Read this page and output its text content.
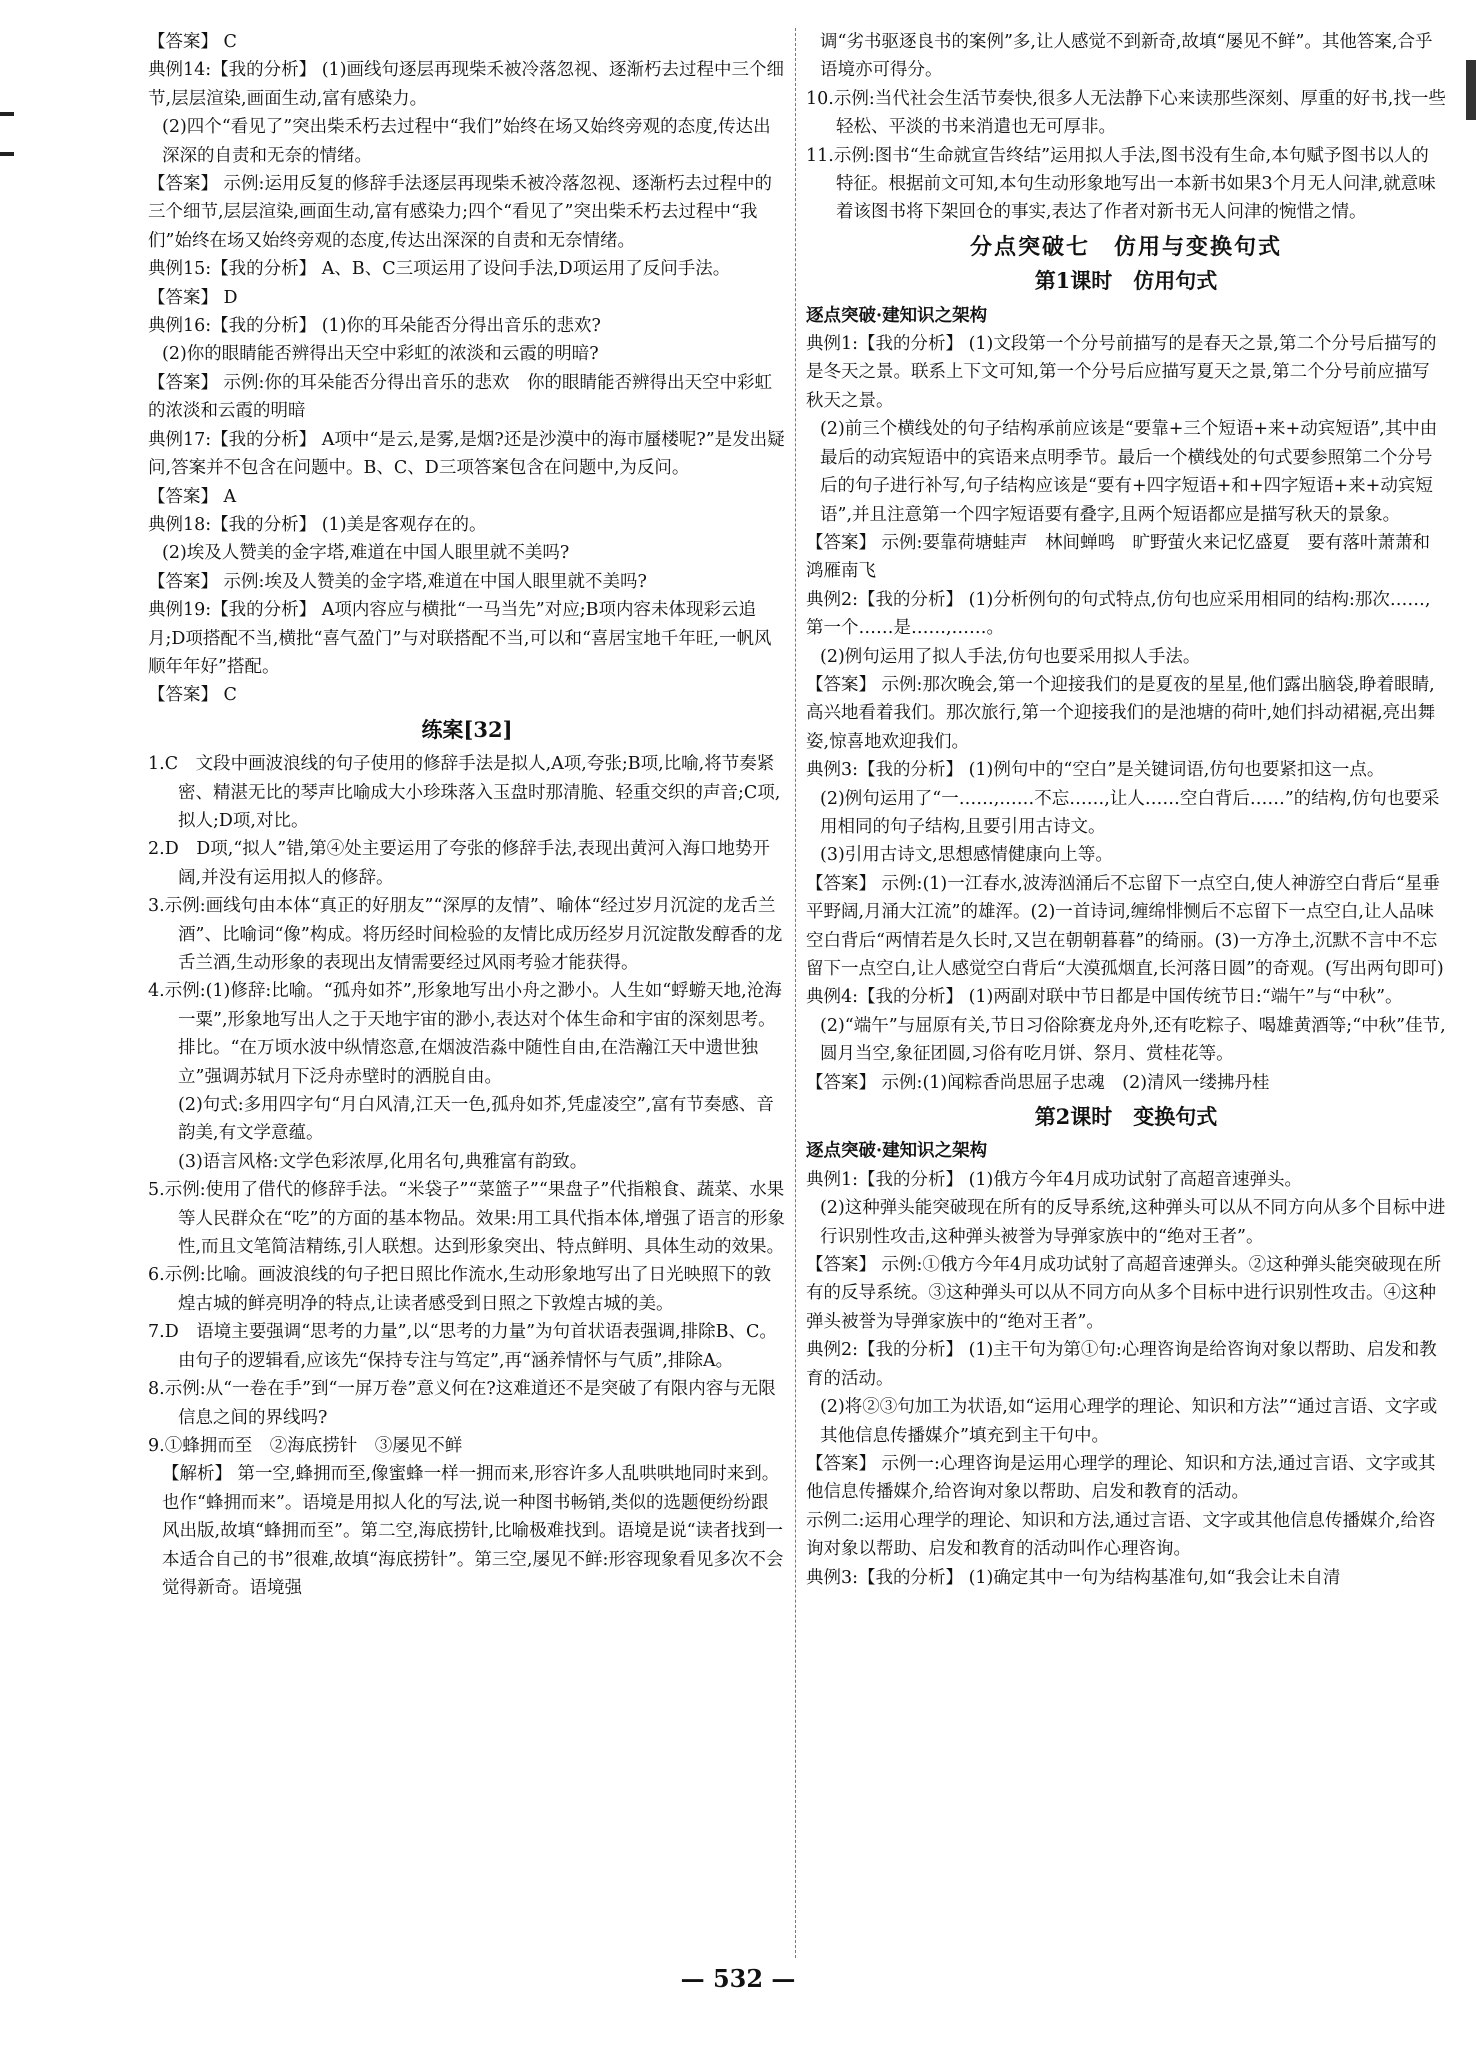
【答案】 C

典例14:【我的分析】 (1)画线句逐层再现柴禾被冷落忽视、逐渐朽去过程中三个细节,层层渲染,画面生动,富有感染力。

(2)四个“看见了”突出柴禾朽去过程中“我们”始终在场又始终旁观的态度,传达出深深的自责和无奈的情绪。

【答案】 示例:运用反复的修辞手法逐层再现柴禾被冷落忽视、逐渐朽去过程中的三个细节,层层渲染,画面生动,富有感染力;四个“看见了”突出柴禾朽去过程中“我们”始终在场又始终旁观的态度,传达出深深的自责和无奈情绪。

典例15:【我的分析】 A、B、C三项运用了设问手法,D项运用了反问手法。

【答案】 D

典例16:【我的分析】 (1)你的耳朵能否分得出音乐的悲欢?

(2)你的眼睛能否辨得出天空中彩虹的浓淡和云霞的明暗?

【答案】 示例:你的耳朵能否分得出音乐的悲欢　你的眼睛能否辨得出天空中彩虹的浓淡和云霞的明暗

典例17:【我的分析】 A项中“是云,是雾,是烟?还是沙漠中的海市蜃楼呢?”是发出疑问,答案并不包含在问题中。B、C、D三项答案包含在问题中,为反问。

【答案】 A

典例18:【我的分析】 (1)美是客观存在的。

(2)埃及人赞美的金字塔,难道在中国人眼里就不美吗?

【答案】 示例:埃及人赞美的金字塔,难道在中国人眼里就不美吗?

典例19:【我的分析】 A项内容应与横批“一马当先”对应;B项内容未体现彩云追月;D项搭配不当,横批“喜气盈门”与对联搭配不当,可以和“喜居宝地千年旺,一帆风顺年年好”搭配。

【答案】 C

练案[32]

1.C　文段中画波浪线的句子使用的修辞手法是拟人,A项,夸张;B项,比喻,将节奏紧密、精湛无比的琴声比喻成大小珍珠落入玉盘时那清脆、轻重交织的声音;C项,拟人;D项,对比。

2.D　D项,“拟人”错,第④处主要运用了夸张的修辞手法,表现出黄河入海口地势开阔,并没有运用拟人的修辞。

3.示例:画线句由本体“真正的好朋友”“深厚的友情”、喻体“经过岁月沉淀的龙舌兰酒”、比喻词“像”构成。将历经时间检验的友情比成历经岁月沉淀散发醇香的龙舌兰酒,生动形象的表现出友情需要经过风雨考验才能获得。

4.示例:(1)修辞:比喻。“孤舟如芥”,形象地写出小舟之渺小。人生如“蜉蝣天地,沧海一粟”,形象地写出人之于天地宇宙的渺小,表达对个体生命和宇宙的深刻思考。

排比。“在万顷水波中纵情恣意,在烟波浩淼中随性自由,在浩瀚江天中遗世独立”强调苏轼月下泛舟赤壁时的洒脱自由。

(2)句式:多用四字句“月白风清,江天一色,孤舟如芥,凭虚凌空”,富有节奏感、音韵美,有文学意蕴。

(3)语言风格:文学色彩浓厚,化用名句,典雅富有韵致。

5.示例:使用了借代的修辞手法。“米袋子”“菜篮子”“果盘子”代指粮食、蔬菜、水果等人民群众在“吃”的方面的基本物品。效果:用工具代指本体,增强了语言的形象性,而且文笔简洁精练,引人联想。达到形象突出、特点鲜明、具体生动的效果。

6.示例:比喻。画波浪线的句子把日照比作流水,生动形象地写出了日光映照下的敦煌古城的鲜亮明净的特点,让读者感受到日照之下敦煌古城的美。

7.D　语境主要强调“思考的力量”,以“思考的力量”为句首状语表强调,排除B、C。由句子的逻辑看,应该先“保持专注与笃定”,再“涵养情怀与气质”,排除A。

8.示例:从“一卷在手”到“一屏万卷”意义何在?这难道还不是突破了有限内容与无限信息之间的界线吗?

9.①蜂拥而至　②海底捞针　③屡见不鲜

【解析】 第一空,蜂拥而至,像蜜蜂一样一拥而来,形容许多人乱哄哄地同时来到。也作“蜂拥而来”。语境是用拟人化的写法,说一种图书畅销,类似的选题便纷纷跟风出版,故填“蜂拥而至”。第二空,海底捞针,比喻极难找到。语境是说“读者找到一本适合自己的书”很难,故填“海底捞针”。第三空,屡见不鲜:形容现象看见多次不会觉得新奇。语境强

调“劣书驱逐良书的案例”多,让人感觉不到新奇,故填“屡见不鲜”。其他答案,合乎语境亦可得分。

10.示例:当代社会生活节奏快,很多人无法静下心来读那些深刻、厚重的好书,找一些轻松、平淡的书来消遣也无可厚非。

11.示例:图书“生命就宣告终结”运用拟人手法,图书没有生命,本句赋予图书以人的特征。根据前文可知,本句生动形象地写出一本新书如果3个月无人问津,就意味着该图书将下架回仓的事实,表达了作者对新书无人问津的惋惜之情。

分点突破七　仿用与变换句式

第1课时　仿用句式

逐点突破·建知识之架构

典例1:【我的分析】 (1)文段第一个分号前描写的是春天之景,第二个分号后描写的是冬天之景。联系上下文可知,第一个分号后应描写夏天之景,第二个分号前应描写秋天之景。

(2)前三个横线处的句子结构承前应该是“要靠+三个短语+来+动宾短语”,其中由最后的动宾短语中的宾语来点明季节。最后一个横线处的句式要参照第二个分号后的句子进行补写,句子结构应该是“要有+四字短语+和+四字短语+来+动宾短语”,并且注意第一个四字短语要有叠字,且两个短语都应是描写秋天的景象。

【答案】 示例:要靠荷塘蛙声　林间蝉鸣　旷野萤火来记忆盛夏　要有落叶萧萧和鸿雁南飞

典例2:【我的分析】 (1)分析例句的句式特点,仿句也应采用相同的结构:那次……,第一个……是……,……。

(2)例句运用了拟人手法,仿句也要采用拟人手法。

【答案】 示例:那次晚会,第一个迎接我们的是夏夜的星星,他们露出脑袋,睁着眼睛,高兴地看着我们。那次旅行,第一个迎接我们的是池塘的荷叶,她们抖动裙裾,亮出舞姿,惊喜地欢迎我们。

典例3:【我的分析】 (1)例句中的“空白”是关键词语,仿句也要紧扣这一点。

(2)例句运用了“一……,……不忘……,让人……空白背后……”的结构,仿句也要采用相同的句子结构,且要引用古诗文。

(3)引用古诗文,思想感情健康向上等。

【答案】 示例:(1)一江春水,波涛汹涌后不忘留下一点空白,使人神游空白背后“星垂平野阔,月涌大江流”的雄浑。(2)一首诗词,缠绵悱恻后不忘留下一点空白,让人品味空白背后“两情若是久长时,又岂在朝朝暮暮”的绮丽。(3)一方净土,沉默不言中不忘留下一点空白,让人感觉空白背后“大漠孤烟直,长河落日圆”的奇观。(写出两句即可)

典例4:【我的分析】 (1)两副对联中节日都是中国传统节日:“端午”与“中秋”。

(2)“端午”与屈原有关,节日习俗除赛龙舟外,还有吃粽子、喝雄黄酒等;“中秋”佳节,圆月当空,象征团圆,习俗有吃月饼、祭月、赏桂花等。

【答案】 示例:(1)闻粽香尚思屈子忠魂　(2)清风一缕拂丹桂

第2课时　变换句式

逐点突破·建知识之架构

典例1:【我的分析】 (1)俄方今年4月成功试射了高超音速弹头。

(2)这种弹头能突破现在所有的反导系统,这种弹头可以从不同方向从多个目标中进行识别性攻击,这种弹头被誉为导弹家族中的“绝对王者”。

【答案】 示例:①俄方今年4月成功试射了高超音速弹头。②这种弹头能突破现在所有的反导系统。③这种弹头可以从不同方向从多个目标中进行识别性攻击。④这种弹头被誉为导弹家族中的“绝对王者”。

典例2:【我的分析】 (1)主干句为第①句:心理咨询是给咨询对象以帮助、启发和教育的活动。

(2)将②③句加工为状语,如“运用心理学的理论、知识和方法”“通过言语、文字或其他信息传播媒介”填充到主干句中。

【答案】 示例一:心理咨询是运用心理学的理论、知识和方法,通过言语、文字或其他信息传播媒介,给咨询对象以帮助、启发和教育的活动。

示例二:运用心理学的理论、知识和方法,通过言语、文字或其他信息传播媒介,给咨询对象以帮助、启发和教育的活动叫作心理咨询。

典例3:【我的分析】 (1)确定其中一句为结构基准句,如“我会让未自清

— 532 —
